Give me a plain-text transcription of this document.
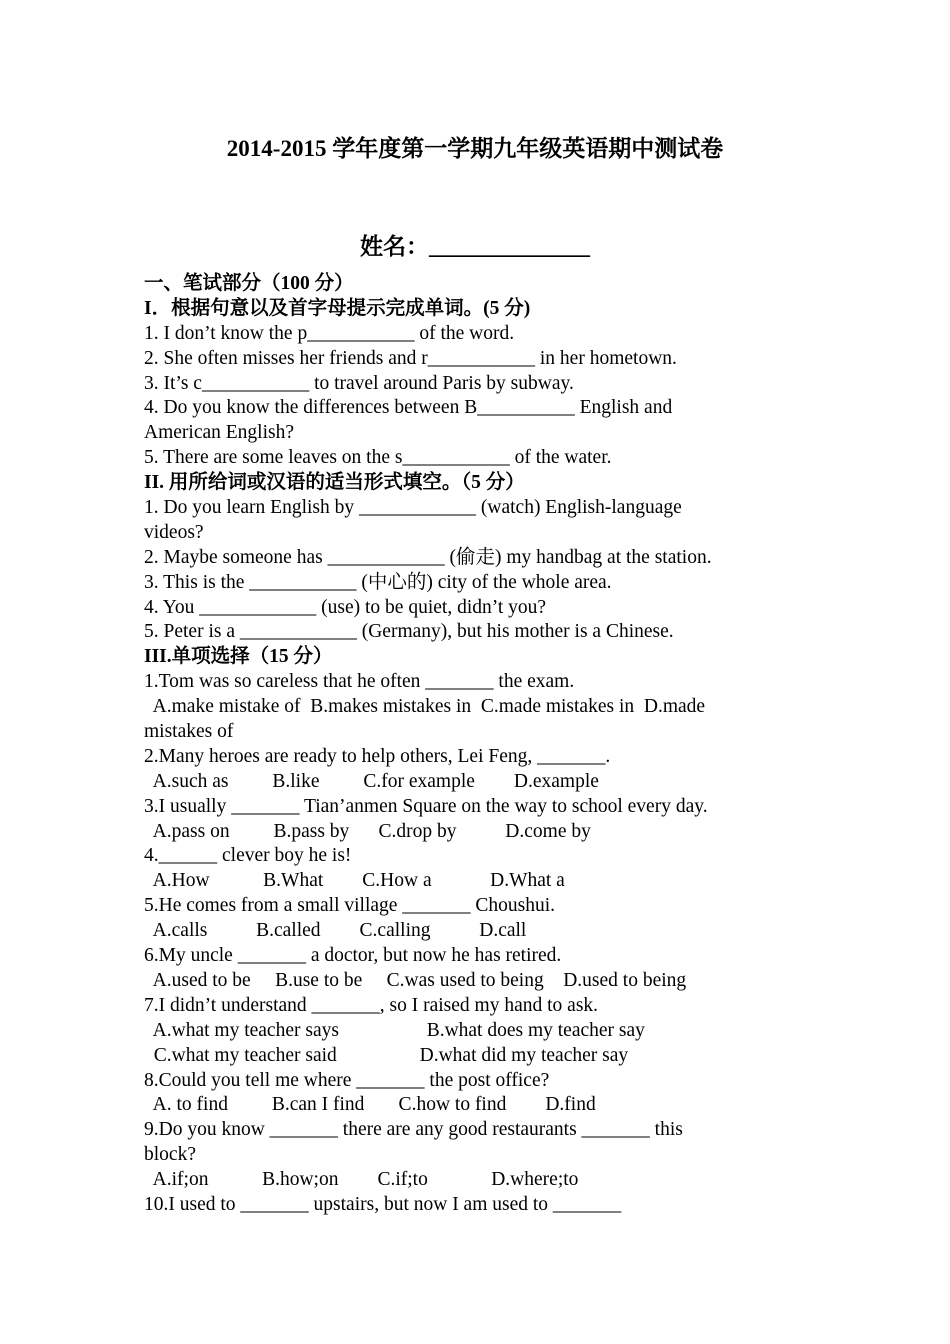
2014-2015 学年度第一学期九年级英语期中测试卷
姓名：______________
一、笔试部分（100 分）
I．根据句意以及首字母提示完成单词。(5 分)
1. I don’t know the p___________ of the word.
2. She often misses her friends and r___________ in her hometown.
3. It’s c___________ to travel around Paris by subway.
4. Do you know the differences between B__________ English and
American English?
5. There are some leaves on the s___________ of the water.
II. 用所给词或汉语的适当形式填空。（5 分）
1. Do you learn English by ____________ (watch) English-language
videos?
2. Maybe someone has ____________ (偷走) my handbag at the station.
3. This is the ___________ (中心的) city of the whole area.
4. You ____________ (use) to be quiet, didn’t you?
5. Peter is a ____________ (Germany), but his mother is a Chinese.
III.单项选择（15 分）
1.Tom was so careless that he often _______ the exam.
A.make mistake of  B.makes mistakes in  C.made mistakes in  D.made
mistakes of
2.Many heroes are ready to help others, Lei Feng, _______.
A.such as         B.like         C.for example        D.example
3.I usually _______ Tian’anmen Square on the way to school every day.
A.pass on         B.pass by      C.drop by          D.come by
4.______ clever boy he is!
A.How           B.What        C.How a            D.What a
5.He comes from a small village _______ Choushui.
A.calls          B.called        C.calling          D.call
6.My uncle _______ a doctor, but now he has retired.
A.used to be     B.use to be     C.was used to being    D.used to being
7.I didn’t understand _______, so I raised my hand to ask.
A.what my teacher says                  B.what does my teacher say
C.what my teacher said                 D.what did my teacher say
8.Could you tell me where _______ the post office?
A. to find         B.can I find       C.how to find        D.find
9.Do you know _______ there are any good restaurants _______ this
block?
A.if;on           B.how;on        C.if;to             D.where;to
10.I used to _______ upstairs, but now I am used to _______
